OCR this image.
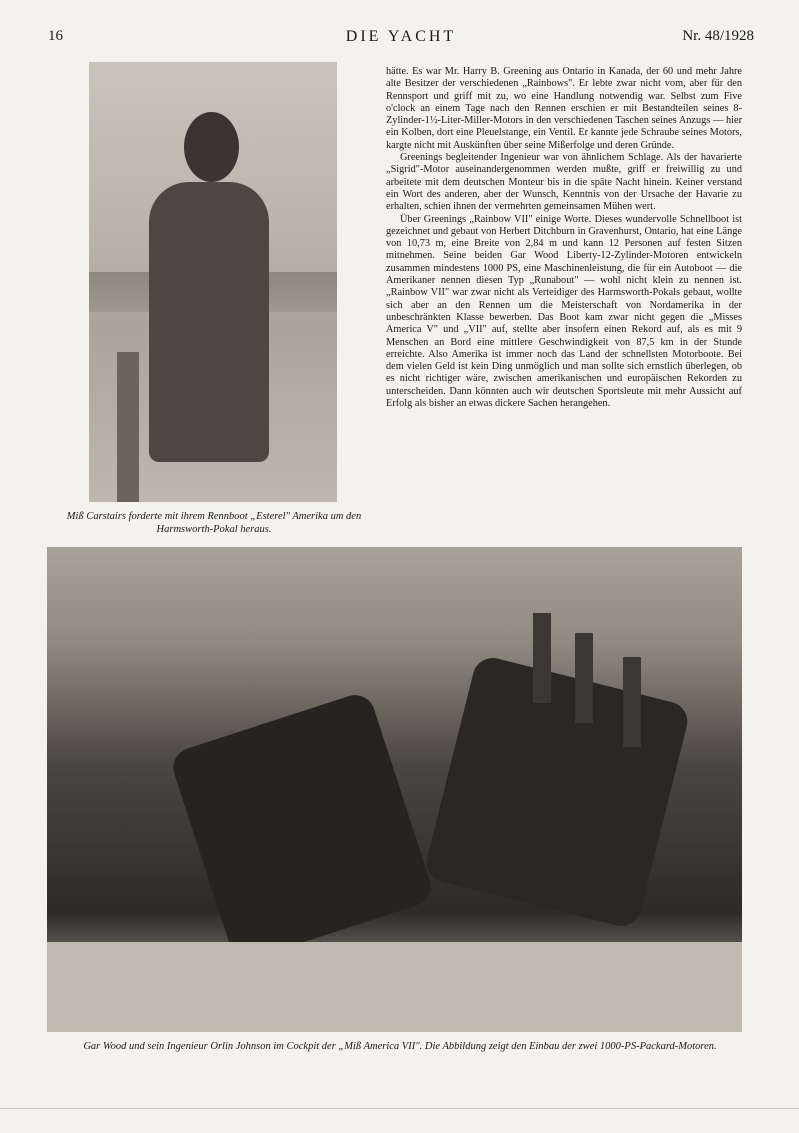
16	DIE YACHT	Nr. 48/1928
Miß Carstairs forderte mit ihrem Rennboot „Esterel" Amerika um den Harmsworth-Pokal heraus.

hätte. Es war Mr. Harry B. Greening aus Ontario in Kanada, der 60 und mehr Jahre alte Besitzer der verschiedenen „Rainbows". Er lebte zwar nicht vom, aber für den Rennsport und griff mit zu, wo eine Handlung notwendig war. Selbst zum Five o'clock an einem Tage nach den Rennen erschien er mit Bestandteilen seines 8-Zylinder-1½-Liter-Miller-Motors in den verschiedenen Taschen seines Anzugs — hier ein Kolben, dort eine Pleuelstange, ein Ventil. Er kannte jede Schraube seines Motors, kargte nicht mit Auskünften über seine Mißerfolge und deren Gründe.

Greenings begleitender Ingenieur war von ähnlichem Schlage. Als der havarierte „Sigrid"-Motor auseinandergenommen werden mußte, griff er freiwillig zu und arbeitete mit dem deutschen Monteur bis in die späte Nacht hinein. Keiner verstand ein Wort des anderen, aber der Wunsch, Kenntnis von der Ursache der Havarie zu erhalten, schien ihnen der vermehrten gemeinsamen Mühen wert.

Über Greenings „Rainbow VII" einige Worte. Dieses wundervolle Schnellboot ist gezeichnet und gebaut von Herbert Ditchburn in Gravenhurst, Ontario, hat eine Länge von 10,73 m, eine Breite von 2,84 m und kann 12 Personen auf festen Sitzen mitnehmen. Seine beiden Gar Wood Liberty-12-Zylinder-Motoren entwickeln zusammen mindestens 1000 PS, eine Maschinenleistung, die für ein Autoboot — die Amerikaner nennen diesen Typ „Runabout" — wohl nicht klein zu nennen ist. „Rainbow VII" war zwar nicht als Verteidiger des Harmsworth-Pokals gebaut, wollte sich aber an den Rennen um die Meisterschaft von Nordamerika in der unbeschränkten Klasse bewerben. Das Boot kam zwar nicht gegen die „Misses America V" und „VII" auf, stellte aber insofern einen Rekord auf, als es mit 9 Menschen an Bord eine mittlere Geschwindigkeit von 87,5 km in der Stunde erreichte. Also Amerika ist immer noch das Land der schnellsten Motorboote. Bei dem vielen Geld ist kein Ding unmöglich und man sollte sich ernstlich überlegen, ob es nicht richtiger wäre, zwischen amerikanischen und europäischen Rekorden zu unterscheiden. Dann könnten auch wir deutschen Sportsleute mit mehr Aussicht auf Erfolg als bisher an etwas dickere Sachen herangehen.

Gar Wood und sein Ingenieur Orlin Johnson im Cockpit der „Miß America VII". Die Abbildung zeigt den Einbau der zwei 1000-PS-Packard-Motoren.
